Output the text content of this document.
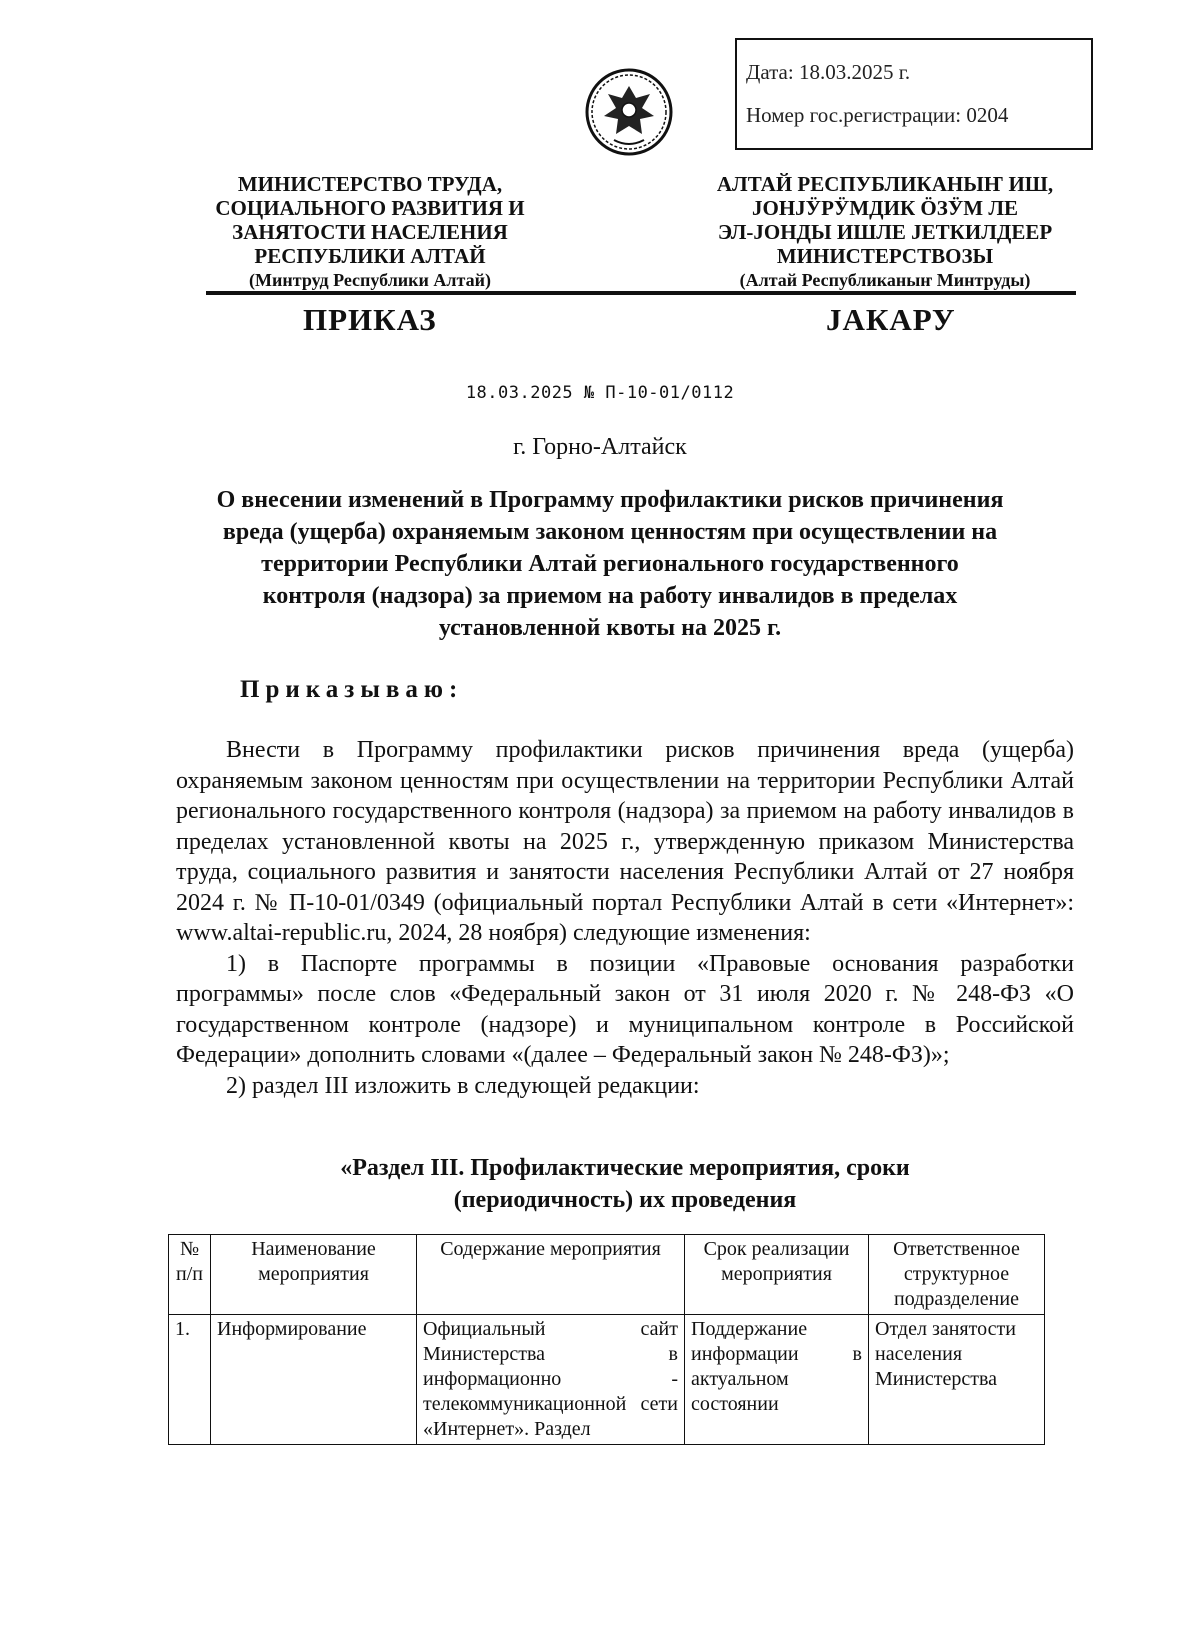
Дата: 18.03.2025 г.
Номер гос.регистрации: 0204
МИНИСТЕРСТВО ТРУДА,
СОЦИАЛЬНОГО РАЗВИТИЯ И
ЗАНЯТОСТИ НАСЕЛЕНИЯ
РЕСПУБЛИКИ АЛТАЙ
(Минтруд Республики Алтай)
АЛТАЙ РЕСПУБЛИКАНЫҤ ИШ,
ЈОНЈӰРӰМДИК ӦЗӰМ ЛЕ
ЭЛ-ЈОНДЫ ИШЛЕ ЈЕТКИЛДЕЕР
МИНИСТЕРСТВОЗЫ
(Алтай Республиканыҥ Минтруды)
ПРИКАЗ	ЈАКАРУ
18.03.2025 № П-10-01/0112
г. Горно-Алтайск
О внесении изменений в Программу профилактики рисков причинения
вреда (ущерба) охраняемым законом ценностям при осуществлении на
территории Республики Алтай регионального государственного
контроля (надзора) за приемом на работу инвалидов в пределах
установленной квоты на 2025 г.
Приказываю:

Внести в Программу профилактики рисков причинения вреда (ущерба) охраняемым законом ценностям при осуществлении на территории Республики Алтай регионального государственного контроля (надзора) за приемом на работу инвалидов в пределах установленной квоты на 2025 г., утвержденную приказом Министерства труда, социального развития и занятости населения Республики Алтай от 27 ноября 2024 г. № П-10-01/0349 (официальный портал Республики Алтай в сети «Интернет»: www.altai-republic.ru, 2024, 28 ноября) следующие изменения:

1) в Паспорте программы в позиции «Правовые основания разработки программы» после слов «Федеральный закон от 31 июля 2020 г. № 248-ФЗ «О государственном контроле (надзоре) и муниципальном контроле в Российской Федерации» дополнить словами «(далее – Федеральный закон № 248-ФЗ)»;

2) раздел III изложить в следующей редакции:

«Раздел III. Профилактические мероприятия, сроки
(периодичность) их проведения
№ п/п	Наименование мероприятия	Содержание мероприятия	Срок реализации мероприятия	Ответственное структурное подразделение
1.	Информирование	Официальный сайт Министерства в информационно - телекоммуникационной сети «Интернет». Раздел	Поддержание информации в актуальном состоянии	Отдел занятости населения Министерства
